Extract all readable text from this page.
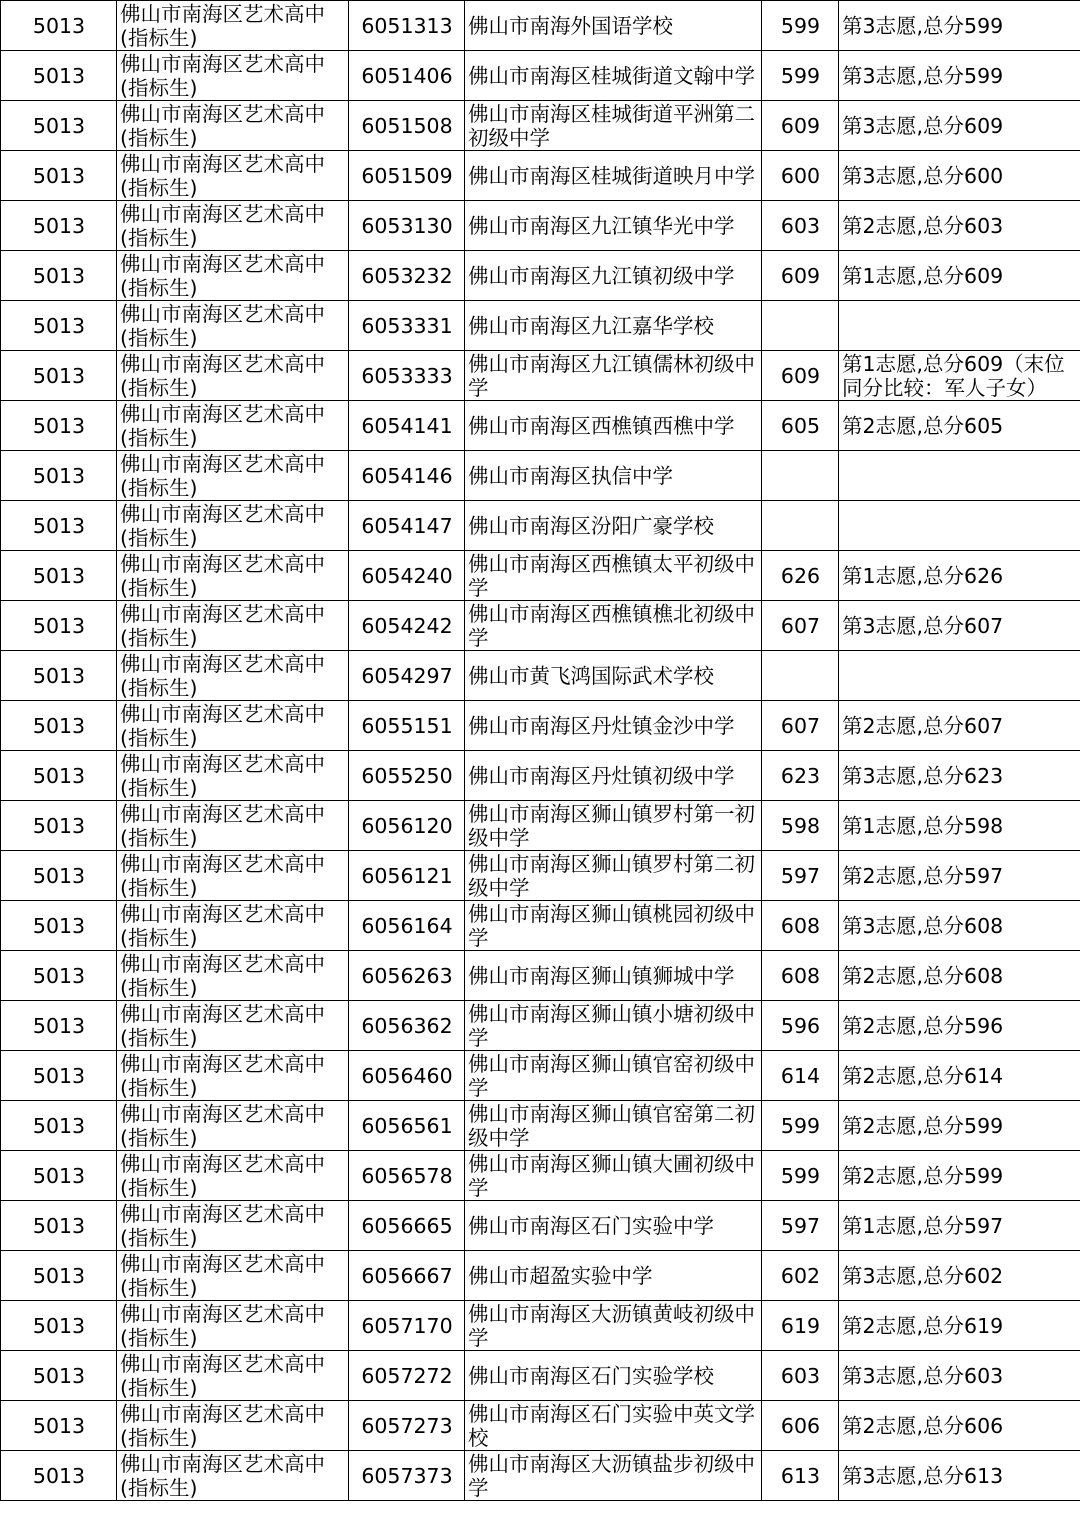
5013	佛山市南海区艺术高中(指标生)	6051313	佛山市南海外国语学校	599	第3志愿,总分599
5013	佛山市南海区艺术高中(指标生)	6051406	佛山市南海区桂城街道文翰中学	599	第3志愿,总分599
5013	佛山市南海区艺术高中(指标生)	6051508	佛山市南海区桂城街道平洲第二初级中学	609	第3志愿,总分609
5013	佛山市南海区艺术高中(指标生)	6051509	佛山市南海区桂城街道映月中学	600	第3志愿,总分600
5013	佛山市南海区艺术高中(指标生)	6053130	佛山市南海区九江镇华光中学	603	第2志愿,总分603
5013	佛山市南海区艺术高中(指标生)	6053232	佛山市南海区九江镇初级中学	609	第1志愿,总分609
5013	佛山市南海区艺术高中(指标生)	6053331	佛山市南海区九江嘉华学校		
5013	佛山市南海区艺术高中(指标生)	6053333	佛山市南海区九江镇儒林初级中学	609	第1志愿,总分609（末位同分比较：军人子女）
5013	佛山市南海区艺术高中(指标生)	6054141	佛山市南海区西樵镇西樵中学	605	第2志愿,总分605
5013	佛山市南海区艺术高中(指标生)	6054146	佛山市南海区执信中学		
5013	佛山市南海区艺术高中(指标生)	6054147	佛山市南海区汾阳广豪学校		
5013	佛山市南海区艺术高中(指标生)	6054240	佛山市南海区西樵镇太平初级中学	626	第1志愿,总分626
5013	佛山市南海区艺术高中(指标生)	6054242	佛山市南海区西樵镇樵北初级中学	607	第3志愿,总分607
5013	佛山市南海区艺术高中(指标生)	6054297	佛山市黄飞鸿国际武术学校		
5013	佛山市南海区艺术高中(指标生)	6055151	佛山市南海区丹灶镇金沙中学	607	第2志愿,总分607
5013	佛山市南海区艺术高中(指标生)	6055250	佛山市南海区丹灶镇初级中学	623	第3志愿,总分623
5013	佛山市南海区艺术高中(指标生)	6056120	佛山市南海区狮山镇罗村第一初级中学	598	第1志愿,总分598
5013	佛山市南海区艺术高中(指标生)	6056121	佛山市南海区狮山镇罗村第二初级中学	597	第2志愿,总分597
5013	佛山市南海区艺术高中(指标生)	6056164	佛山市南海区狮山镇桃园初级中学	608	第3志愿,总分608
5013	佛山市南海区艺术高中(指标生)	6056263	佛山市南海区狮山镇狮城中学	608	第2志愿,总分608
5013	佛山市南海区艺术高中(指标生)	6056362	佛山市南海区狮山镇小塘初级中学	596	第2志愿,总分596
5013	佛山市南海区艺术高中(指标生)	6056460	佛山市南海区狮山镇官窑初级中学	614	第2志愿,总分614
5013	佛山市南海区艺术高中(指标生)	6056561	佛山市南海区狮山镇官窑第二初级中学	599	第2志愿,总分599
5013	佛山市南海区艺术高中(指标生)	6056578	佛山市南海区狮山镇大圃初级中学	599	第2志愿,总分599
5013	佛山市南海区艺术高中(指标生)	6056665	佛山市南海区石门实验中学	597	第1志愿,总分597
5013	佛山市南海区艺术高中(指标生)	6056667	佛山市超盈实验中学	602	第3志愿,总分602
5013	佛山市南海区艺术高中(指标生)	6057170	佛山市南海区大沥镇黄岐初级中学	619	第2志愿,总分619
5013	佛山市南海区艺术高中(指标生)	6057272	佛山市南海区石门实验学校	603	第3志愿,总分603
5013	佛山市南海区艺术高中(指标生)	6057273	佛山市南海区石门实验中英文学校	606	第2志愿,总分606
5013	佛山市南海区艺术高中(指标生)	6057373	佛山市南海区大沥镇盐步初级中学	613	第3志愿,总分613
